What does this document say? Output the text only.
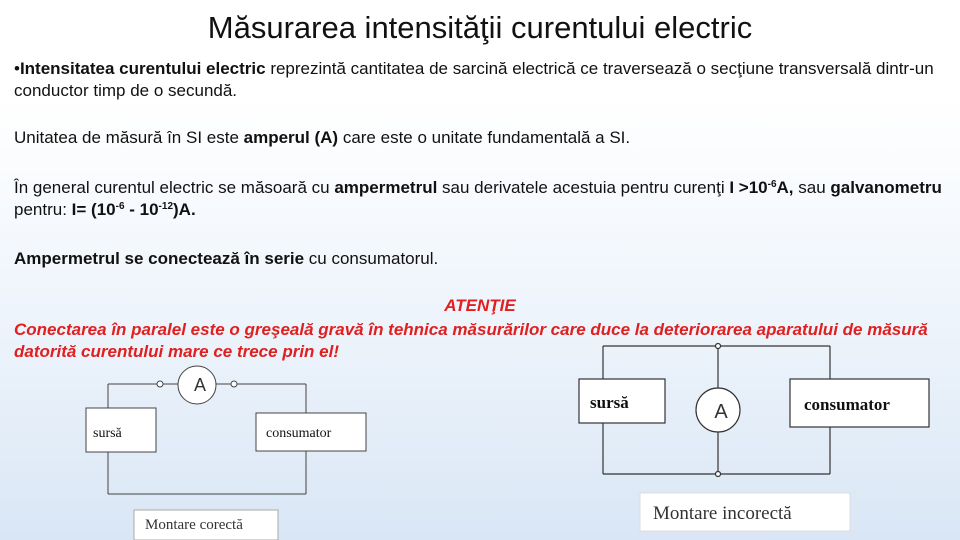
Măsurarea intensităţii curentului electric
•Intensitatea curentului electric reprezintă cantitatea de sarcină electrică ce traversează o secţiune transversală dintr-un conductor timp de o secundă.
Unitatea de măsură în SI este amperul (A) care este o unitate fundamentală a SI.
În general curentul electric se măsoară cu ampermetrul sau derivatele acestuia pentru curenţi $I >10^{-6}A$, sau galvanometru pentru: $I= (10^{-6} - 10^{-12})A$.
Ampermetrul se conectează în serie cu consumatorul.
ATENŢIE
Conectarea în paralel este o greşeală gravă în tehnica măsurărilor care duce la deteriorarea aparatului de măsură datorită curentului mare ce trece prin el!
A
sursă	consumator
Montare corectă
sursă	A	consumator
Montare incorectă
